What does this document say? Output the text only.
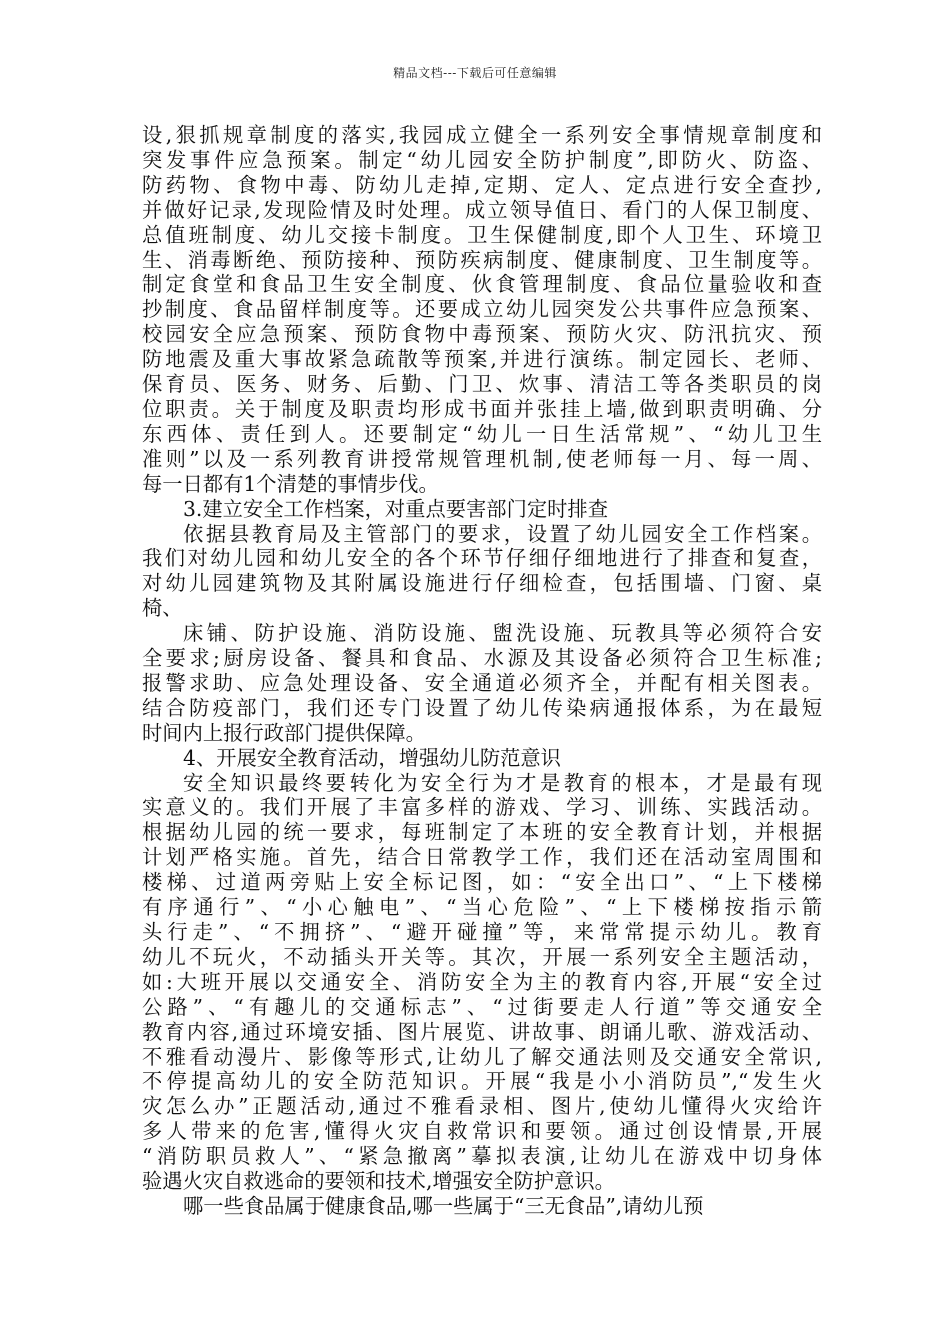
精品文档---下载后可任意编辑
设,狠抓规章制度的落实,我园成立健全一系列安全事情规章制度和
突发事件应急预案。制定“幼儿园安全防护制度”,即防火、防盗、
防药物、食物中毒、防幼儿走掉,定期、定人、定点进行安全查抄,
并做好记录,发现险情及时处理。成立领导值日、看门的人保卫制度、
总值班制度、幼儿交接卡制度。卫生保健制度,即个人卫生、环境卫
生、消毒断绝、预防接种、预防疾病制度、健康制度、卫生制度等。
制定食堂和食品卫生安全制度、伙食管理制度、食品位量验收和查
抄制度、食品留样制度等。还要成立幼儿园突发公共事件应急预案、
校园安全应急预案、预防食物中毒预案、预防火灾、防汛抗灾、预
防地震及重大事故紧急疏散等预案,并进行演练。制定园长、老师、
保育员、医务、财务、后勤、门卫、炊事、清洁工等各类职员的岗
位职责。关于制度及职责均形成书面并张挂上墙,做到职责明确、分
东西体、责任到人。还要制定“幼儿一日生活常规”、“幼儿卫生
准则”以及一系列教育讲授常规管理机制,使老师每一月、每一周、
每一日都有1个清楚的事情步伐。
3.建立安全工作档案，对重点要害部门定时排查
依据县教育局及主管部门的要求，设置了幼儿园安全工作档案。
我们对幼儿园和幼儿安全的各个环节仔细仔细地进行了排查和复查，
对幼儿园建筑物及其附属设施进行仔细检查，包括围墙、门窗、桌
椅、
床铺、防护设施、消防设施、盥洗设施、玩教具等必须符合安
全要求;厨房设备、餐具和食品、水源及其设备必须符合卫生标准;
报警求助、应急处理设备、安全通道必须齐全，并配有相关图表。
结合防疫部门，我们还专门设置了幼儿传染病通报体系，为在最短
时间内上报行政部门提供保障。
4、开展安全教育活动，增强幼儿防范意识
安全知识最终要转化为安全行为才是教育的根本，才是最有现
实意义的。我们开展了丰富多样的游戏、学习、训练、实践活动。
根据幼儿园的统一要求，每班制定了本班的安全教育计划，并根据
计划严格实施。首先，结合日常教学工作，我们还在活动室周围和
楼梯、过道两旁贴上安全标记图，如：“安全出口”、“上下楼梯
有序通行”、“小心触电”、“当心危险”、“上下楼梯按指示箭
头行走”、“不拥挤”、“避开碰撞”等，来常常提示幼儿。教育
幼儿不玩火，不动插头开关等。其次，开展一系列安全主题活动，
如:大班开展以交通安全、消防安全为主的教育内容,开展“安全过
公路”、“有趣儿的交通标志”、“过街要走人行道”等交通安全
教育内容,通过环境安插、图片展览、讲故事、朗诵儿歌、游戏活动、
不雅看动漫片、影像等形式,让幼儿了解交通法则及交通安全常识,
不停提高幼儿的安全防范知识。开展“我是小小消防员”,“发生火
灾怎么办”正题活动,通过不雅看录相、图片,使幼儿懂得火灾给许
多人带来的危害,懂得火灾自救常识和要领。通过创设情景,开展
“消防职员救人”、“紧急撤离”摹拟表演,让幼儿在游戏中切身体
验遇火灾自救逃命的要领和技术,增强安全防护意识。
哪一些食品属于健康食品,哪一些属于“三无食品”,请幼儿预
